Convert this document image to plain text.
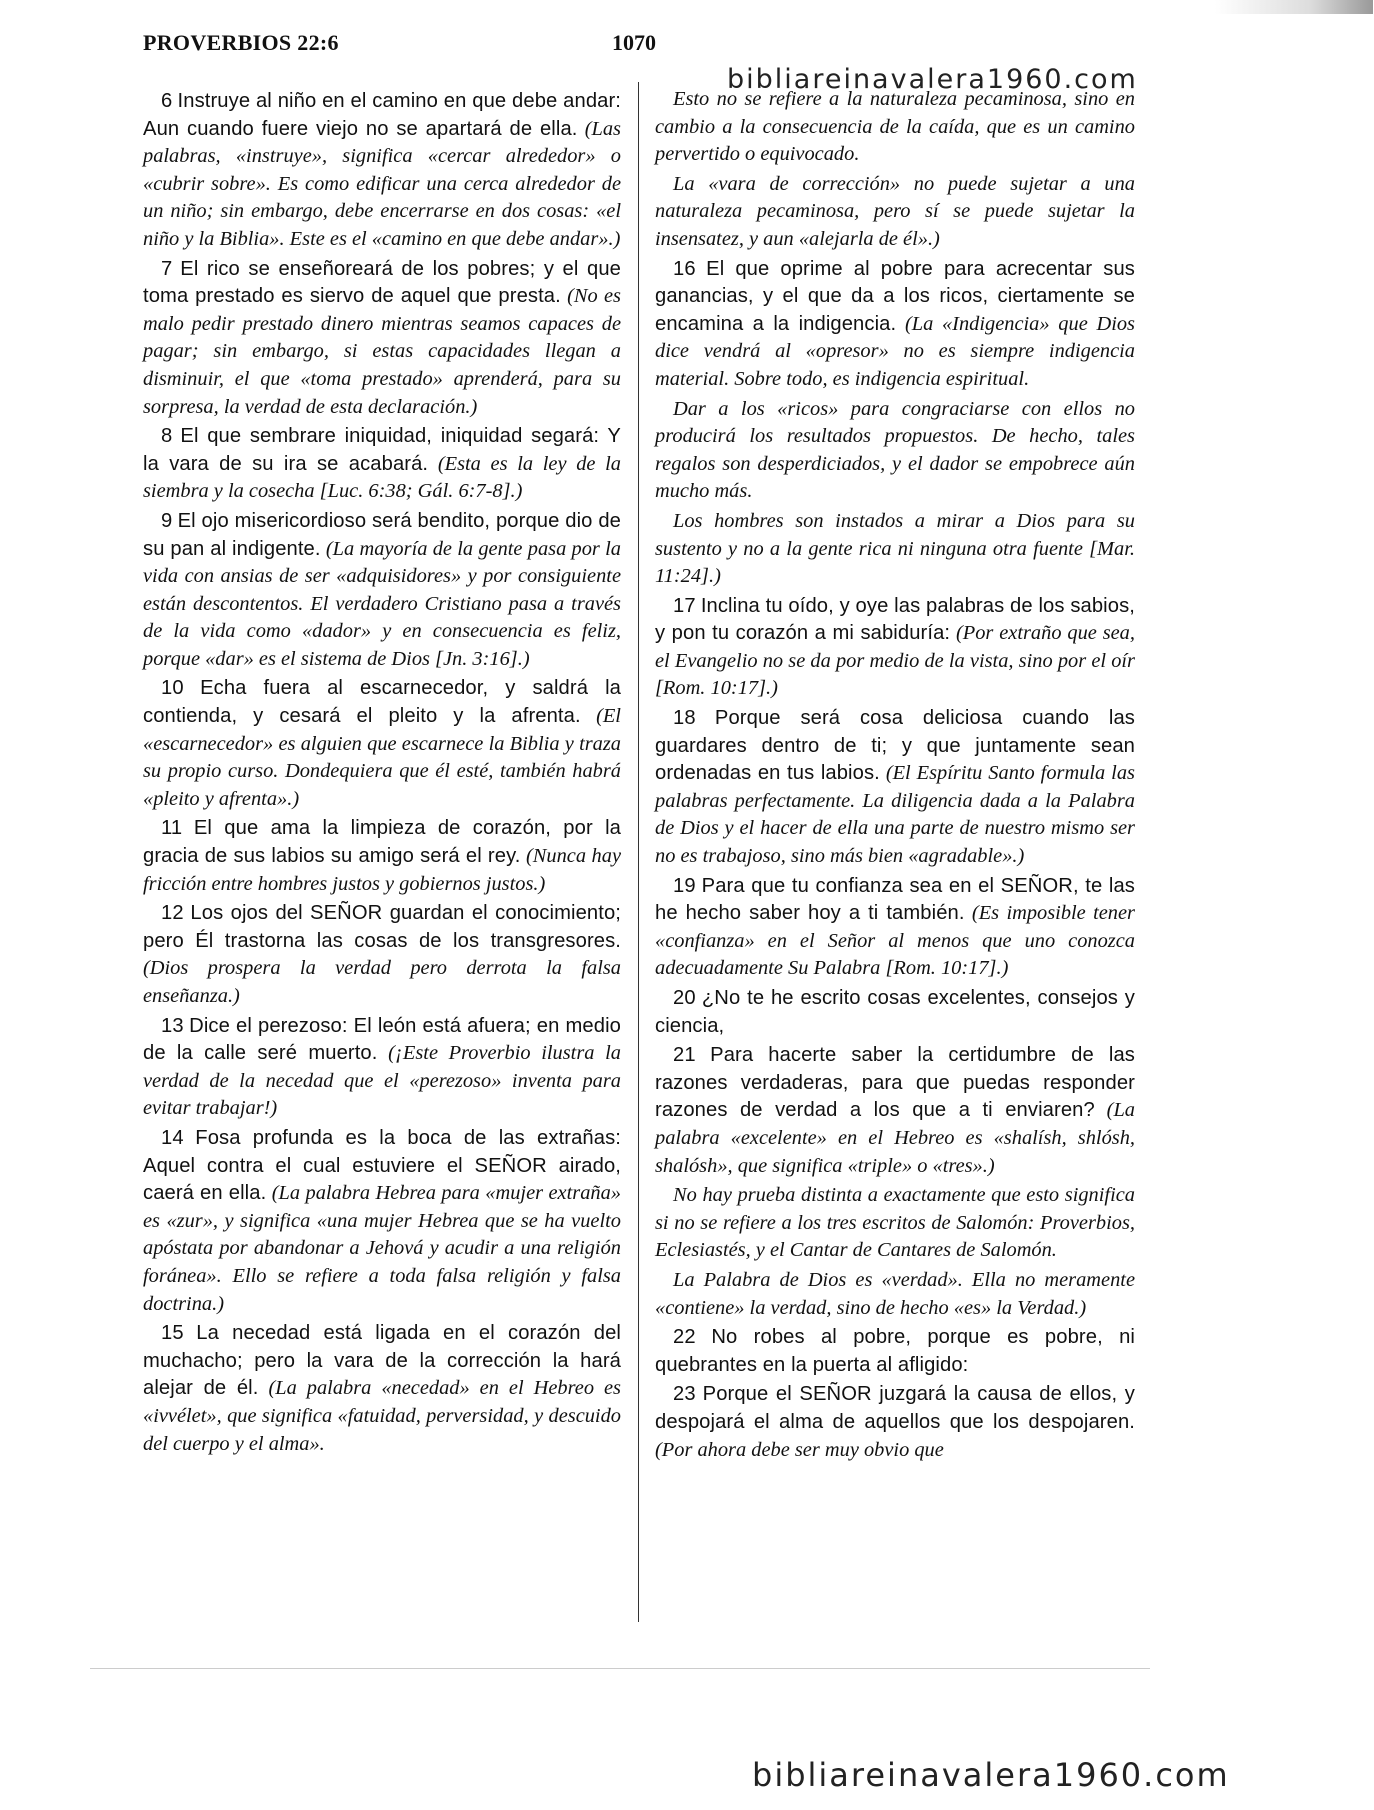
PROVERBIOS 22:6	1070
bibliareinavalera1960.com

6 Instruye al niño en el camino en que debe andar: Aun cuando fuere viejo no se apartará de ella. (Las palabras, «instruye», significa «cercar alrededor» o «cubrir sobre». Es como edificar una cerca alrededor de un niño; sin embargo, debe encerrarse en dos cosas: «el niño y la Biblia». Este es el «camino en que debe andar».)

7 El rico se enseñoreará de los pobres; y el que toma prestado es siervo de aquel que presta. (No es malo pedir prestado dinero mientras seamos capaces de pagar; sin embargo, si estas capacidades llegan a disminuir, el que «toma prestado» aprenderá, para su sorpresa, la verdad de esta declaración.)

8 El que sembrare iniquidad, iniquidad segará: Y la vara de su ira se acabará. (Esta es la ley de la siembra y la cosecha [Luc. 6:38; Gál. 6:7-8].)

9 El ojo misericordioso será bendito, porque dio de su pan al indigente. (La mayoría de la gente pasa por la vida con ansias de ser «adquisidores» y por consiguiente están descontentos. El verdadero Cristiano pasa a través de la vida como «dador» y en consecuencia es feliz, porque «dar» es el sistema de Dios [Jn. 3:16].)

10 Echa fuera al escarnecedor, y saldrá la contienda, y cesará el pleito y la afrenta. (El «escarnecedor» es alguien que escarnece la Biblia y traza su propio curso. Dondequiera que él esté, también habrá «pleito y afrenta».)

11 El que ama la limpieza de corazón, por la gracia de sus labios su amigo será el rey. (Nunca hay fricción entre hombres justos y gobiernos justos.)

12 Los ojos del SEÑOR guardan el conocimiento; pero Él trastorna las cosas de los transgresores. (Dios prospera la verdad pero derrota la falsa enseñanza.)

13 Dice el perezoso: El león está afuera; en medio de la calle seré muerto. (¡Este Proverbio ilustra la verdad de la necedad que el «perezoso» inventa para evitar trabajar!)

14 Fosa profunda es la boca de las extrañas: Aquel contra el cual estuviere el SEÑOR airado, caerá en ella. (La palabra Hebrea para «mujer extraña» es «zur», y significa «una mujer Hebrea que se ha vuelto apóstata por abandonar a Jehová y acudir a una religión foránea». Ello se refiere a toda falsa religión y falsa doctrina.)

15 La necedad está ligada en el corazón del muchacho; pero la vara de la corrección la hará alejar de él. (La palabra «necedad» en el Hebreo es «ivvélet», que significa «fatuidad, perversidad, y descuido del cuerpo y el alma».

Esto no se refiere a la naturaleza pecaminosa, sino en cambio a la consecuencia de la caída, que es un camino pervertido o equivocado.

La «vara de corrección» no puede sujetar a una naturaleza pecaminosa, pero sí se puede sujetar la insensatez, y aun «alejarla de él».)

16 El que oprime al pobre para acrecentar sus ganancias, y el que da a los ricos, ciertamente se encamina a la indigencia. (La «Indigencia» que Dios dice vendrá al «opresor» no es siempre indigencia material. Sobre todo, es indigencia espiritual.

Dar a los «ricos» para congraciarse con ellos no producirá los resultados propuestos. De hecho, tales regalos son desperdiciados, y el dador se empobrece aún mucho más.

Los hombres son instados a mirar a Dios para su sustento y no a la gente rica ni ninguna otra fuente [Mar. 11:24].)

17 Inclina tu oído, y oye las palabras de los sabios, y pon tu corazón a mi sabiduría: (Por extraño que sea, el Evangelio no se da por medio de la vista, sino por el oír [Rom. 10:17].)

18 Porque será cosa deliciosa cuando las guardares dentro de ti; y que juntamente sean ordenadas en tus labios. (El Espíritu Santo formula las palabras perfectamente. La diligencia dada a la Palabra de Dios y el hacer de ella una parte de nuestro mismo ser no es trabajoso, sino más bien «agradable».)

19 Para que tu confianza sea en el SEÑOR, te las he hecho saber hoy a ti también. (Es imposible tener «confianza» en el Señor al menos que uno conozca adecuadamente Su Palabra [Rom. 10:17].)

20 ¿No te he escrito cosas excelentes, consejos y ciencia,

21 Para hacerte saber la certidumbre de las razones verdaderas, para que puedas responder razones de verdad a los que a ti enviaren? (La palabra «excelente» en el Hebreo es «shalísh, shlósh, shalósh», que significa «triple» o «tres».)

No hay prueba distinta a exactamente que esto significa si no se refiere a los tres escritos de Salomón: Proverbios, Eclesiastés, y el Cantar de Cantares de Salomón.

La Palabra de Dios es «verdad». Ella no meramente «contiene» la verdad, sino de hecho «es» la Verdad.)

22 No robes al pobre, porque es pobre, ni quebrantes en la puerta al afligido:

23 Porque el SEÑOR juzgará la causa de ellos, y despojará el alma de aquellos que los despojaren. (Por ahora debe ser muy obvio que

bibliareinavalera1960.com
